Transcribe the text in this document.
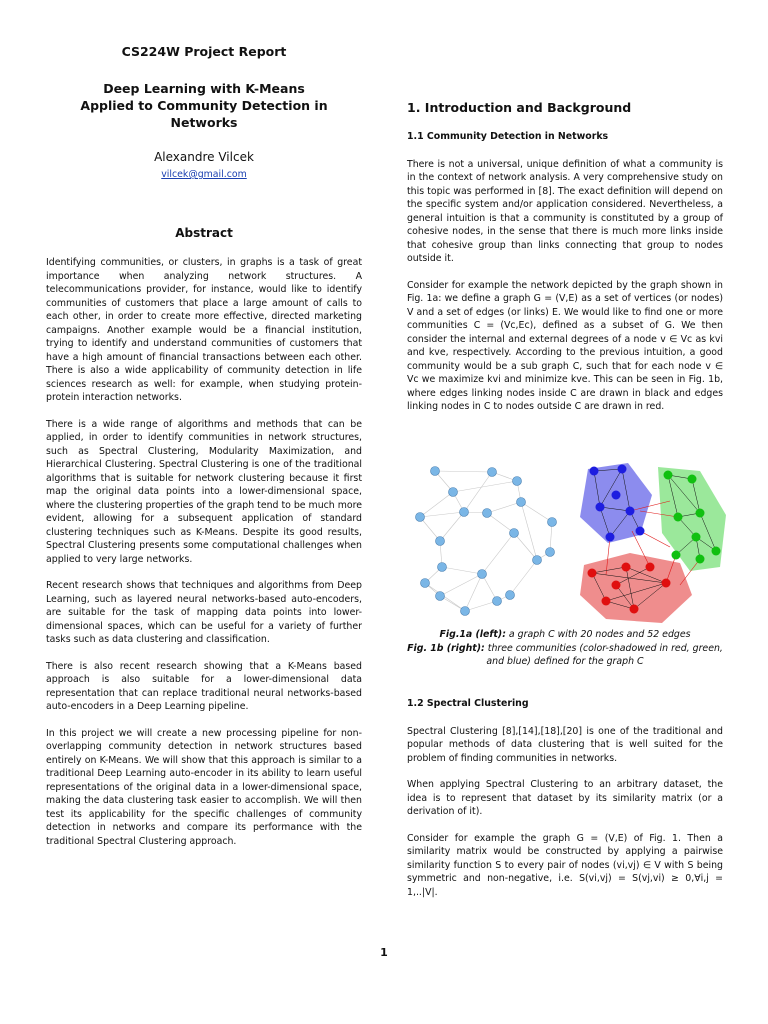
CS224W Project Report
Deep Learning with K-Means
Applied to Community Detection in Networks
Alexandre Vilcek
vilcek@gmail.com
Abstract

Identifying communities, or clusters, in graphs is a task of great importance when analyzing network structures. A telecommunications provider, for instance, would like to identify communities of customers that place a large amount of calls to each other, in order to create more effective, directed marketing campaigns. Another example would be a financial institution, trying to identify and understand communities of customers that have a high amount of financial transactions between each other. There is also a wide applicability of community detection in life sciences research as well: for example, when studying protein-protein interaction networks.

There is a wide range of algorithms and methods that can be applied, in order to identify communities in network structures, such as Spectral Clustering, Modularity Maximization, and Hierarchical Clustering. Spectral Clustering is one of the traditional algorithms that is suitable for network clustering because it first map the original data points into a lower-dimensional space, where the clustering properties of the graph tend to be much more evident, allowing for a subsequent application of standard clustering techniques such as K-Means. Despite its good results, Spectral Clustering presents some computational challenges when applied to very large networks.

Recent research shows that techniques and algorithms from Deep Learning, such as layered neural networks-based auto-encoders, are suitable for the task of mapping data points into lower-dimensional spaces, which can be useful for a variety of further tasks such as data clustering and classification.

There is also recent research showing that a K-Means based approach is also suitable for a lower-dimensional data representation that can replace traditional neural networks-based auto-encoders in a Deep Learning pipeline.

In this project we will create a new processing pipeline for non-overlapping community detection in network structures based entirely on K-Means. We will show that this approach is similar to a traditional Deep Learning auto-encoder in its ability to learn useful representations of the original data in a lower-dimensional space, making the data clustering task easier to accomplish. We will then test its applicability for the specific challenges of community detection in networks and compare its performance with the traditional Spectral Clustering approach.

1. Introduction and Background
1.1 Community Detection in Networks

There is not a universal, unique definition of what a community is in the context of network analysis. A very comprehensive study on this topic was performed in [8]. The exact definition will depend on the specific system and/or application considered. Nevertheless, a general intuition is that a community is constituted by a group of cohesive nodes, in the sense that there is much more links inside that cohesive group than links connecting that group to nodes outside it.

Consider for example the network depicted by the graph shown in Fig. 1a: we define a graph G = (V,E) as a set of vertices (or nodes) V and a set of edges (or links) E. We would like to find one or more communities C = (Vc,Ec), defined as a subset of G. We then consider the internal and external degrees of a node v ∈ Vc as kvi and kve, respectively. According to the previous intuition, a good community would be a sub graph C, such that for each node v ∈ Vc we maximize kvi and minimize kve. This can be seen in Fig. 1b, where edges linking nodes inside C are drawn in black and edges linking nodes in C to nodes outside C are drawn in red.

Fig.1a (left): a graph C with 20 nodes and 52 edges
Fig. 1b (right): three communities (color-shadowed in red, green, and blue) defined for the graph C
1.2 Spectral Clustering

Spectral Clustering [8],[14],[18],[20] is one of the traditional and popular methods of data clustering that is well suited for the problem of finding communities in networks.

When applying Spectral Clustering to an arbitrary dataset, the idea is to represent that dataset by its similarity matrix (or a derivation of it).

Consider for example the graph G = (V,E) of Fig. 1. Then a similarity matrix would be constructed by applying a pairwise similarity function S to every pair of nodes (vi,vj) ∈ V with S being symmetric and non-negative, i.e. S(vi,vj) = S(vj,vi) ≥ 0,∀i,j = 1,..|V|.

1
